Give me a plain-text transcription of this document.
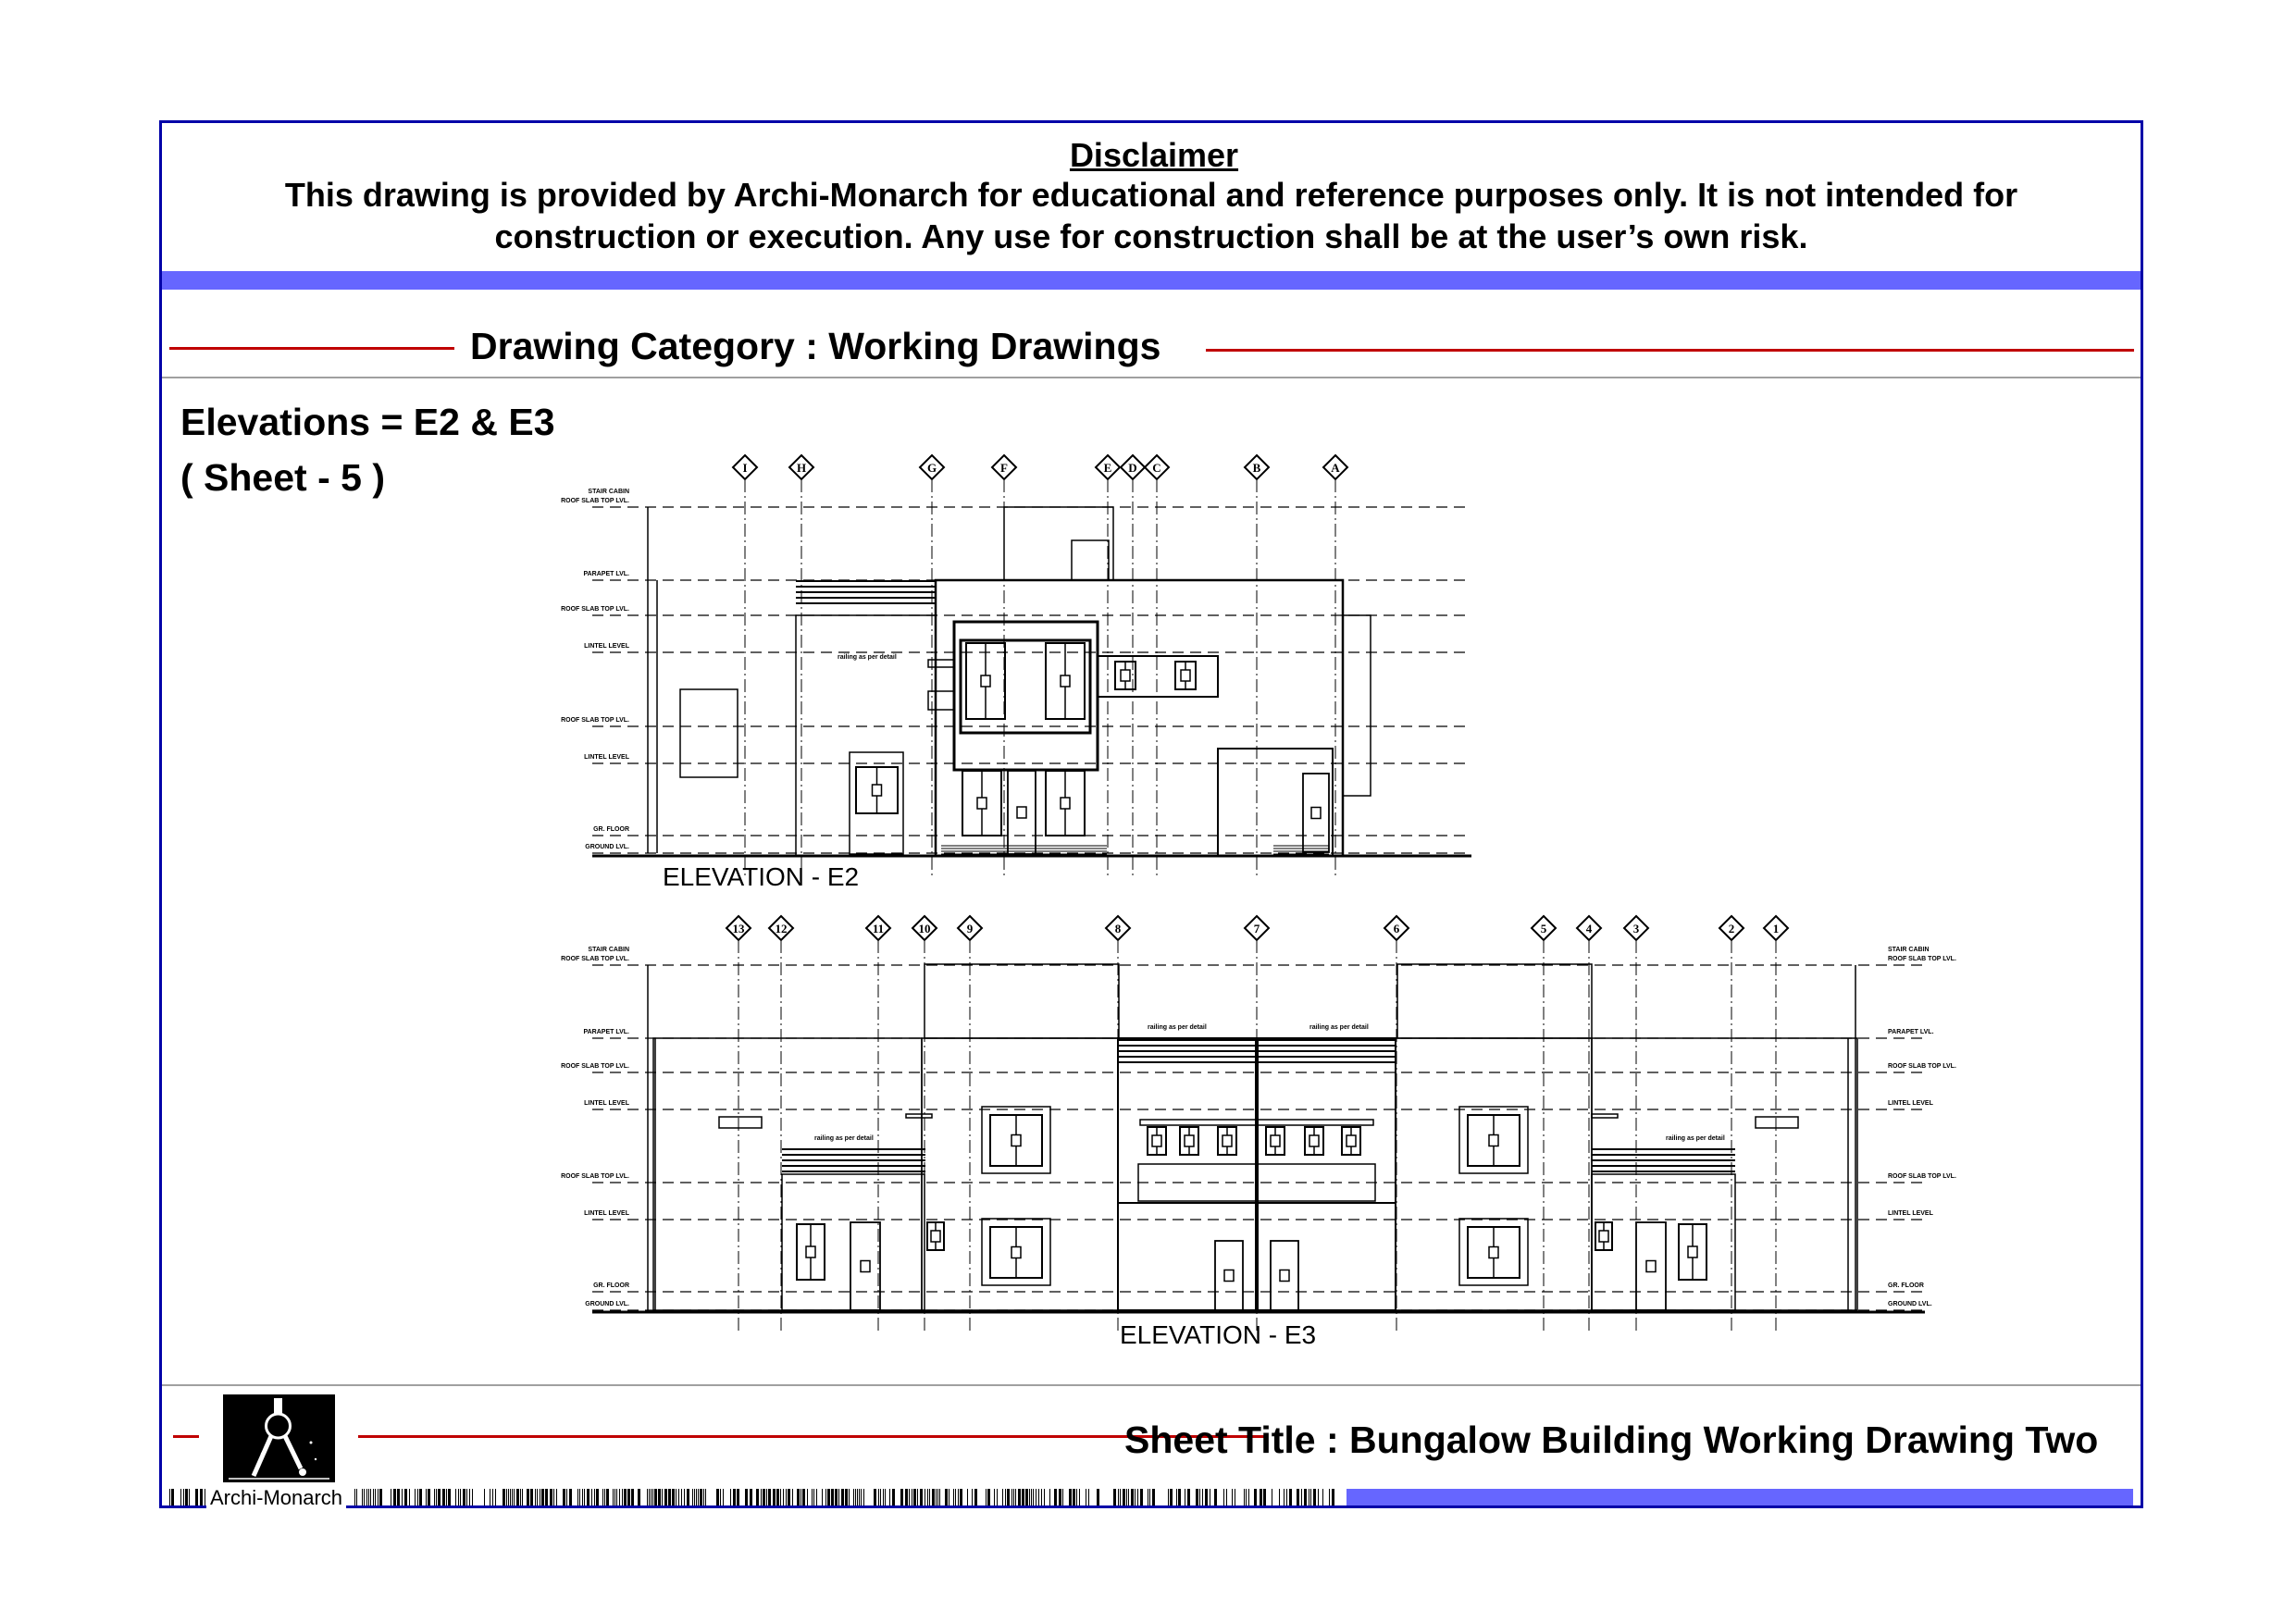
Disclaimer
This drawing is provided by Archi-Monarch for educational and reference purposes only. It is not intended for
construction or execution. Any use for construction shall be at the user’s own risk.
Drawing Category : Working Drawings
Elevations = E2 & E3
( Sheet - 5 )
Sheet Title : Bungalow Building Working Drawing Two
Archi-Monarch
I	H	G	F	E D C	B	A
ROOF SLAB TOP LVL.
PARAPET LVL.
ROOF SLAB TOP LVL.
LINTEL LEVEL
ROOF SLAB TOP LVL.
LINTEL LEVEL
GR. FLOOR
GROUND LVL.
STAIR CABIN
railing as per detail
13	12	11	10	9	8	7	6	5	4	3	2	1
ROOF SLAB TOP LVL.
PARAPET LVL.
ROOF SLAB TOP LVL.
LINTEL LEVEL
ROOF SLAB TOP LVL.
LINTEL LEVEL
GR. FLOOR
GROUND LVL.
ROOF SLAB TOP LVL.
PARAPET LVL.
ROOF SLAB TOP LVL.
LINTEL LEVEL
ROOF SLAB TOP LVL.
LINTEL LEVEL
GR. FLOOR
GROUND LVL.
STAIR CABIN	STAIR CABIN
railing as per detail	railing as per detail
railing as per detail	railing as per detail
ELEVATION - E2
ELEVATION - E3
